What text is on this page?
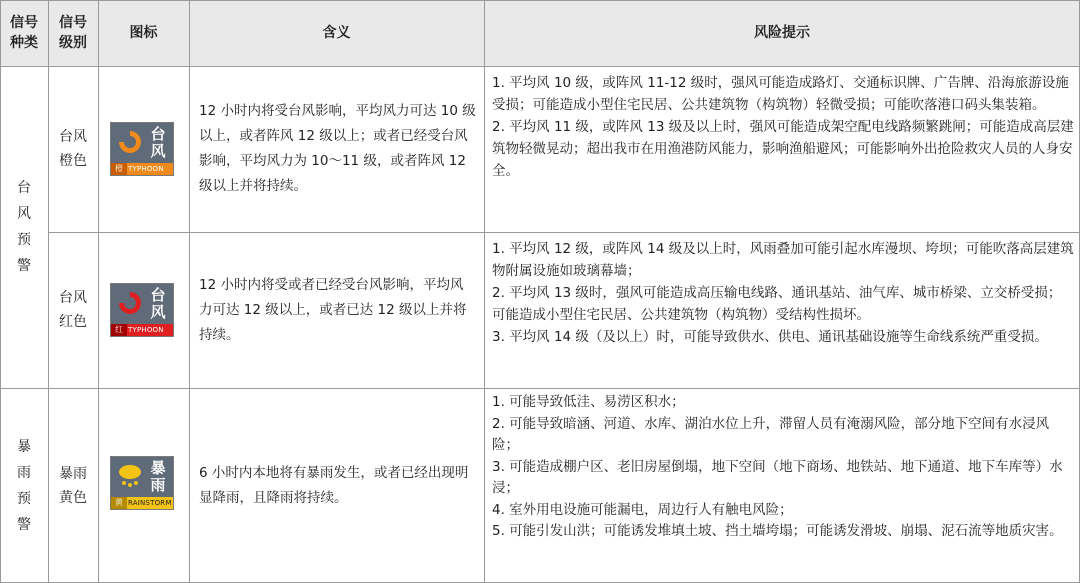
信号
种类
信号
级别
图标	含义	风险提示
台
风
预
警
台风
橙色
台
风
橙 TYPHOON
12 小时内将受台风影响，平均风力可达 10 级以上，或者阵风 12 级以上；或者已经受台风影响，平均风力为 10～11 级，或者阵风 12 级以上并将持续。
1. 平均风 10 级，或阵风 11-12 级时，强风可能造成路灯、交通标识牌、广告牌、沿海旅游设施受损；可能造成小型住宅民居、公共建筑物（构筑物）轻微受损；可能吹落港口码头集装箱。
2. 平均风 11 级，或阵风 13 级及以上时，强风可能造成架空配电线路频繁跳闸；可能造成高层建筑物轻微晃动；超出我市在用渔港防风能力，影响渔船避风；可能影响外出抢险救灾人员的人身安全。
台风
红色
台
风
红 TYPHOON
12 小时内将受或者已经受台风影响，平均风力可达 12 级以上，或者已达 12 级以上并将持续。
1. 平均风 12 级，或阵风 14 级及以上时，风雨叠加可能引起水库漫坝、垮坝；可能吹落高层建筑物附属设施如玻璃幕墙；
2. 平均风 13 级时，强风可能造成高压输电线路、通讯基站、油气库、城市桥梁、立交桥受损；可能造成小型住宅民居、公共建筑物（构筑物）受结构性损坏。
3. 平均风 14 级（及以上）时，可能导致供水、供电、通讯基础设施等生命线系统严重受损。
暴
雨
预
警
暴雨
黄色
暴
雨
黄 RAINSTORM
6 小时内本地将有暴雨发生，或者已经出现明显降雨，且降雨将持续。
1. 可能导致低洼、易涝区积水；
2. 可能导致暗涵、河道、水库、湖泊水位上升，滞留人员有淹溺风险，部分地下空间有水浸风险；
3. 可能造成棚户区、老旧房屋倒塌，地下空间（地下商场、地铁站、地下通道、地下车库等）水浸；
4. 室外用电设施可能漏电，周边行人有触电风险；
5. 可能引发山洪；可能诱发堆填土坡、挡土墙垮塌；可能诱发滑坡、崩塌、泥石流等地质灾害。
